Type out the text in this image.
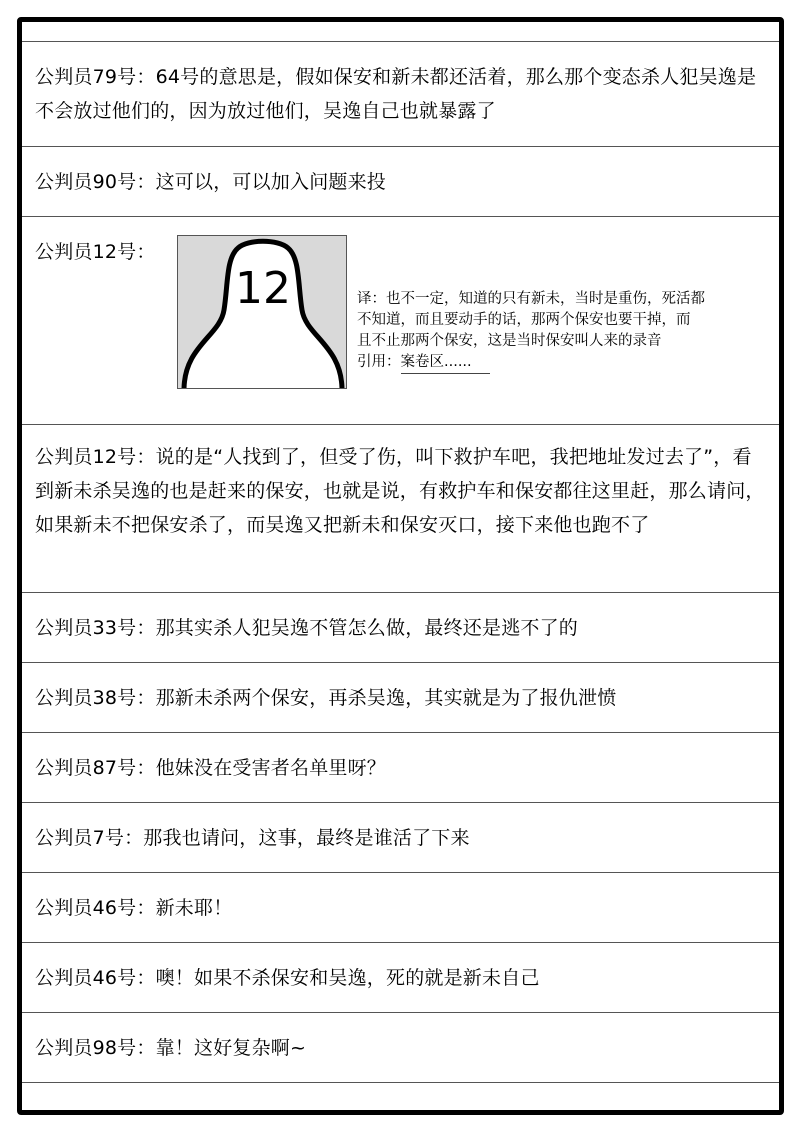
公判员79号：64号的意思是，假如保安和新未都还活着，那么那个变态杀人犯吴逸是不会放过他们的，因为放过他们，吴逸自己也就暴露了
公判员90号：这可以，可以加入问题来投
公判员12号：
12	译：也不一定，知道的只有新未，当时是重伤，死活都
不知道，而且要动手的话，那两个保安也要干掉，而
且不止那两个保安，这是当时保安叫人来的录音
引用：案卷区......
公判员12号：说的是“人找到了，但受了伤，叫下救护车吧，我把地址发过去了”，看到新未杀吴逸的也是赶来的保安，也就是说，有救护车和保安都往这里赶，那么请问，如果新未不把保安杀了，而吴逸又把新未和保安灭口，接下来他也跑不了
公判员33号：那其实杀人犯吴逸不管怎么做，最终还是逃不了的
公判员38号：那新未杀两个保安，再杀吴逸，其实就是为了报仇泄愤
公判员87号：他妹没在受害者名单里呀？
公判员7号：那我也请问，这事，最终是谁活了下来
公判员46号：新未耶！
公判员46号：噢！如果不杀保安和吴逸，死的就是新未自己
公判员98号：靠！这好复杂啊~
